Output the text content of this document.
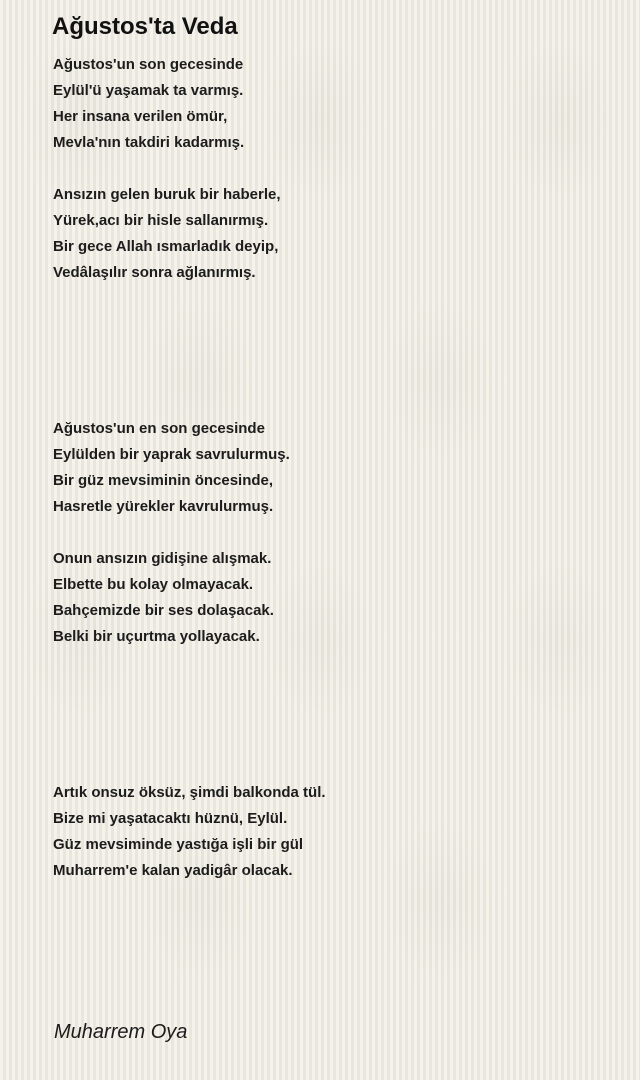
Ağustos'ta Veda
Ağustos'un son gecesinde
Eylül'ü yaşamak ta varmış.
Her insana verilen ömür,
Mevla'nın takdiri kadarmış.
Ansızın gelen buruk bir haberle,
Yürek,acı bir hisle sallanırmış.
Bir gece Allah ısmarladık deyip,
Vedâlaşılır sonra ağlanırmış.
Ağustos'un en son gecesinde
Eylülden bir yaprak savrulurmuş.
Bir güz mevsiminin öncesinde,
Hasretle yürekler kavrulurmuş.
Onun ansızın gidişine alışmak.
Elbette bu kolay olmayacak.
Bahçemizde bir ses dolaşacak.
Belki bir uçurtma yollayacak.
Artık onsuz öksüz, şimdi balkonda tül.
Bize mi yaşatacaktı hüznü, Eylül.
Güz mevsiminde yastığa işli bir gül
Muharrem'e kalan yadigâr olacak.
Muharrem Oya
